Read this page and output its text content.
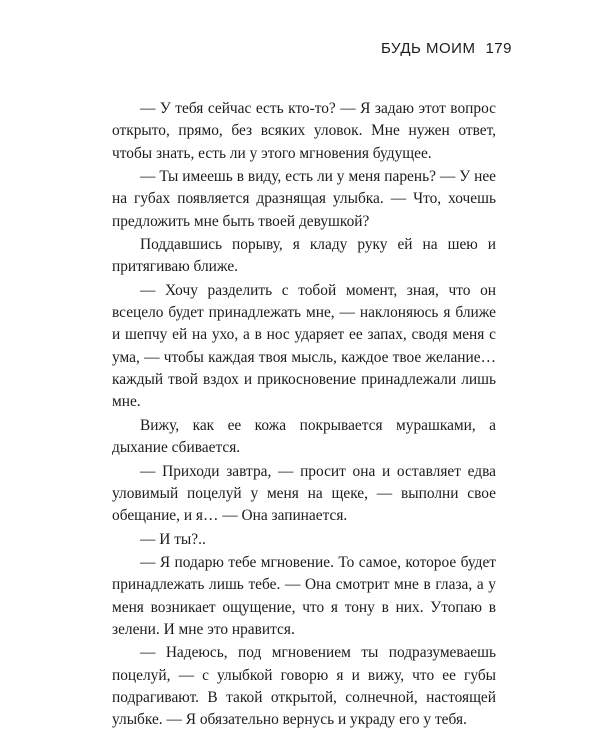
БУДЬ МОИМ 179

— У тебя сейчас есть кто-то? — Я задаю этот вопрос открыто, прямо, без всяких уловок. Мне нужен ответ, чтобы знать, есть ли у этого мгновения будущее.

— Ты имеешь в виду, есть ли у меня парень? — У нее на губах появляется дразнящая улыбка. — Что, хочешь предложить мне быть твоей девушкой?

Поддавшись порыву, я кладу руку ей на шею и притягиваю ближе.

— Хочу разделить с тобой момент, зная, что он всецело будет принадлежать мне, — наклоняюсь я ближе и шепчу ей на ухо, а в нос ударяет ее запах, сводя меня с ума, — чтобы каждая твоя мысль, каждое твое желание… каждый твой вздох и прикосновение принадлежали лишь мне.

Вижу, как ее кожа покрывается мурашками, а дыхание сбивается.

— Приходи завтра, — просит она и оставляет едва уловимый поцелуй у меня на щеке, — выполни свое обещание, и я… — Она запинается.

— И ты?..

— Я подарю тебе мгновение. То самое, которое будет принадлежать лишь тебе. — Она смотрит мне в глаза, а у меня возникает ощущение, что я тону в них. Утопаю в зелени. И мне это нравится.

— Надеюсь, под мгновением ты подразумеваешь поцелуй, — с улыбкой говорю я и вижу, что ее губы подрагивают. В такой открытой, солнечной, настоящей улыбке. — Я обязательно вернусь и украду его у тебя.
